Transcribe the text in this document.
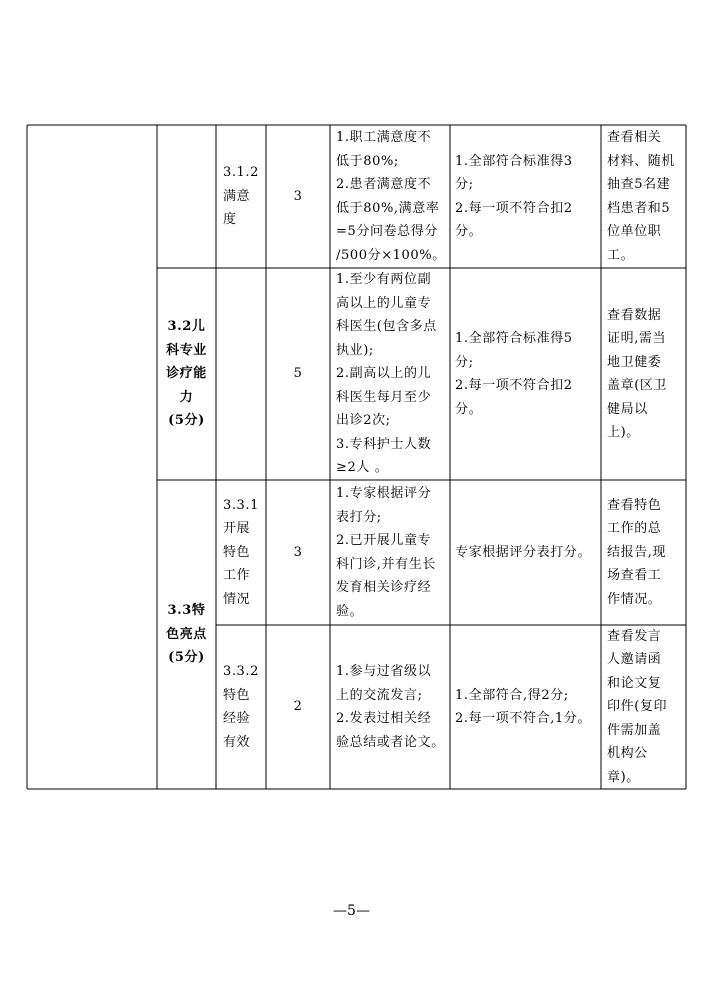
3.1.2
满意
度
3
1.职工满意度不
低于80%;
2.患者满意度不
低于80%,满意率
=5分问卷总得分
/500分×100%。
1.全部符合标准得3
分;
2.每一项不符合扣2
分。
查看相关
材料、随机
抽查5名建
档患者和5
位单位职
工。
3.2儿
科专业
诊疗能
力
(5分)
5
1.至少有两位副
高以上的儿童专
科医生(包含多点
执业);
2.副高以上的儿
科医生每月至少
出诊2次;
3.专科护士人数
≥2人 。
1.全部符合标准得5
分;
2.每一项不符合扣2
分。
查看数据
证明,需当
地卫健委
盖章(区卫
健局以
上)。
3.3特
色亮点
(5分)
3.3.1
开展
特色
工作
情况
3
1.专家根据评分
表打分;
2.已开展儿童专
科门诊,并有生长
发育相关诊疗经
验。
专家根据评分表打分。
查看特色
工作的总
结报告,现
场查看工
作情况。
3.3.2
特色
经验
有效
2
1.参与过省级以
上的交流发言;
2.发表过相关经
验总结或者论文。
1.全部符合,得2分;
2.每一项不符合,1分。
查看发言
人邀请函
和论文复
印件(复印
件需加盖
机构公
章)。
—5—
